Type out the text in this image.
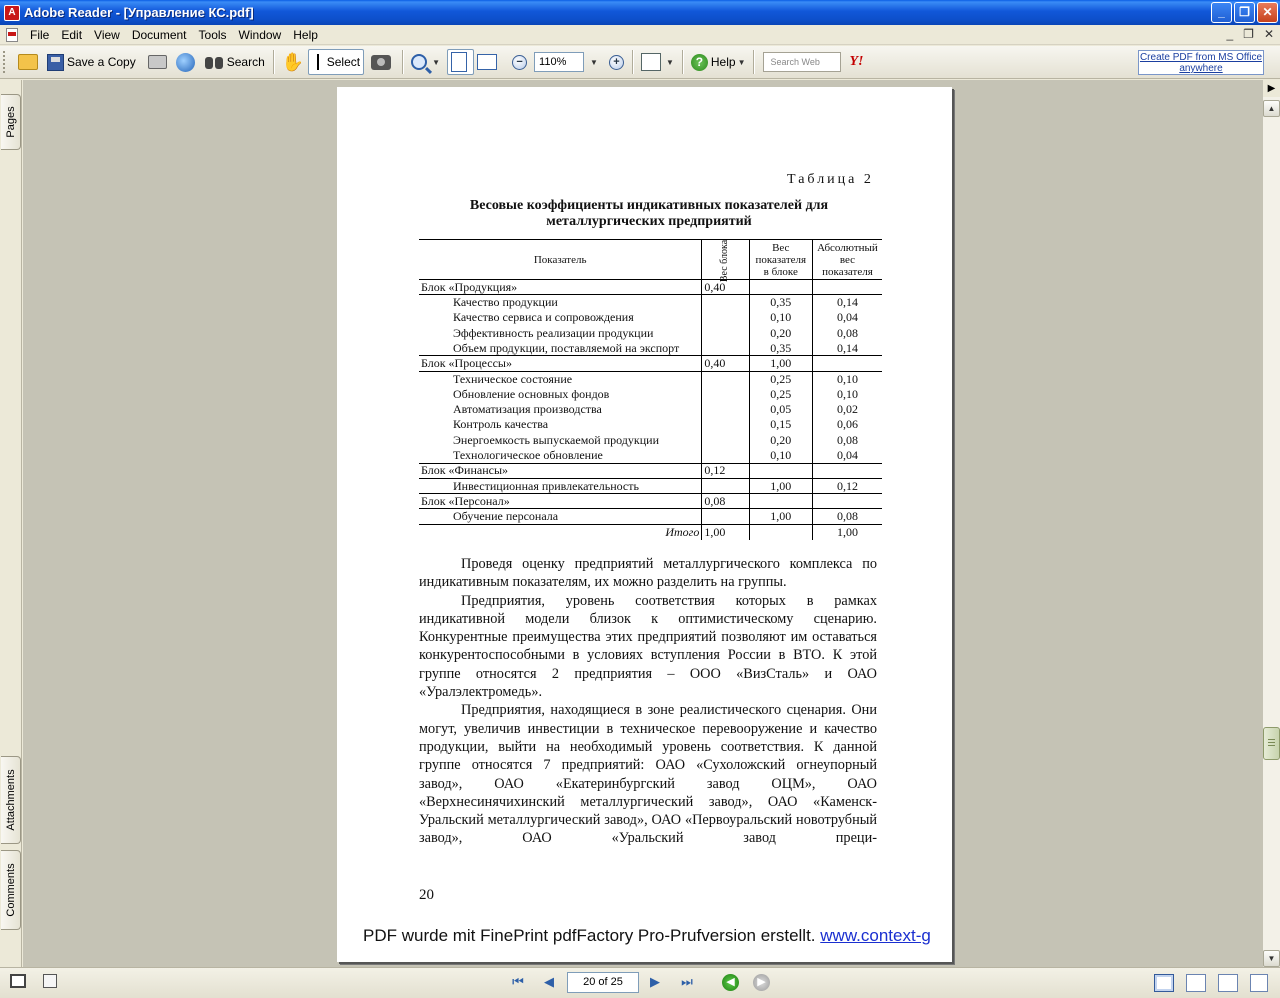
A Adobe Reader - [Управление КС.pdf]	_	❐	✕
File	Edit	View	Document	Tools	Window	Help	_ ❐ ✕
Save a Copy	Search ✋ Select	▼	−
110%	▼	+	▼	? Help ▼	Search Web	Y!	Create PDF from MS Office anywhere
Pages
Attachments
Comments
Таблица 2
Весовые коэффициенты индикативных показателей для металлургических предприятий
Показатель	Вес блока	Вес показателя в блоке	Абсолютный вес показателя
Блок «Продукция»	0,40		
Качество продукции		0,35	0,14
Качество сервиса и сопровождения		0,10	0,04
Эффективность реализации продукции		0,20	0,08
Объем продукции, поставляемой на экспорт		0,35	0,14
Блок «Процессы»	0,40	1,00	
Техническое состояние		0,25	0,10
Обновление основных фондов		0,25	0,10
Автоматизация производства		0,05	0,02
Контроль качества		0,15	0,06
Энергоемкость выпускаемой продукции		0,20	0,08
Технологическое обновление		0,10	0,04
Блок «Финансы»	0,12		
Инвестиционная привлекательность		1,00	0,12
Блок «Персонал»	0,08		
Обучение персонала		1,00	0,08
Итого	1,00		1,00

Проведя оценку предприятий металлургического комплекса по индикативным показателям, их можно разделить на группы.

Предприятия, уровень соответствия которых в рамках индикативной модели близок к оптимистическому сценарию. Конкурентные преимущества этих предприятий позволяют им оставаться конкурентоспособными в условиях вступления России в ВТО. К этой группе относятся 2 предприятия – ООО «ВизСталь» и ОАО «Уралэлектромедь».

Предприятия, находящиеся в зоне реалистического сценария. Они могут, увеличив инвестиции в техническое перевооружение и качество продукции, выйти на необходимый уровень соответствия. К данной группе относятся 7 предприятий: ОАО «Сухоложский огнеупорный завод», ОАО «Екатеринбургский завод ОЦМ», ОАО «Верхнесинячихинский металлургический завод», ОАО «Каменск-Уральский металлургический завод», ОАО «Первоуральский новотрубный завод», ОАО «Уральский завод преци-

20
PDF wurde mit FinePrint pdfFactory Pro-Prufversion erstellt. www.context-g
▶
▲
▼
⏮ ◀	20 of 25	▶ ⏭	◀	▶
